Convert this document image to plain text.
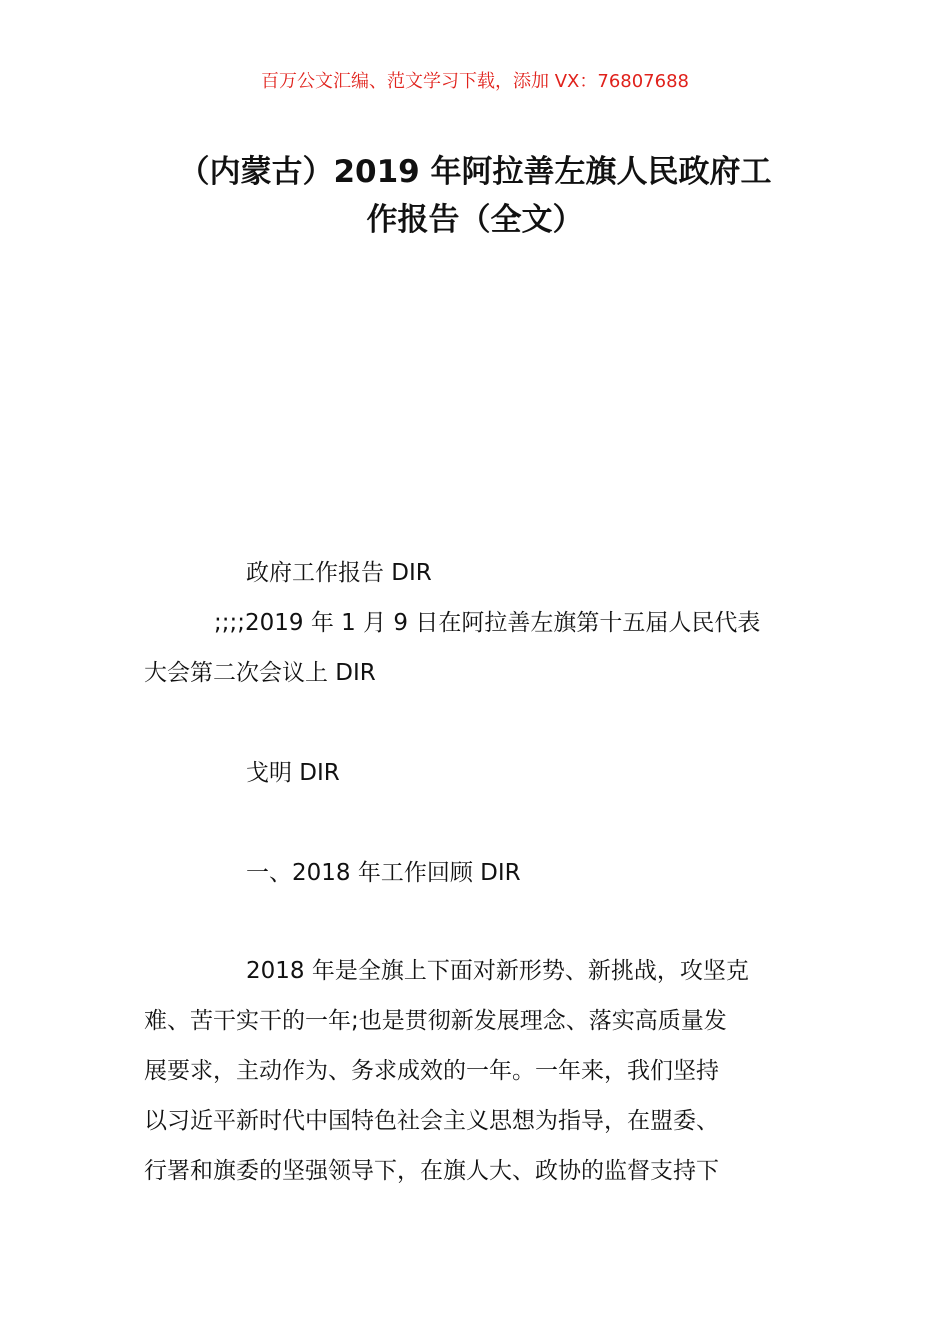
百万公文汇编、范文学习下载，添加 VX：76807688
（内蒙古）2019 年阿拉善左旗人民政府工
作报告（全文）

政府工作报告 DIR

;;;;2019 年 1 月 9 日在阿拉善左旗第十五届人民代表
大会第二次会议上 DIR

戈明 DIR

一、2018 年工作回顾 DIR

2018 年是全旗上下面对新形势、新挑战，攻坚克
难、苦干实干的一年;也是贯彻新发展理念、落实高质量发
展要求，主动作为、务求成效的一年。一年来，我们坚持
以习近平新时代中国特色社会主义思想为指导，在盟委、
行署和旗委的坚强领导下，在旗人大、政协的监督支持下
